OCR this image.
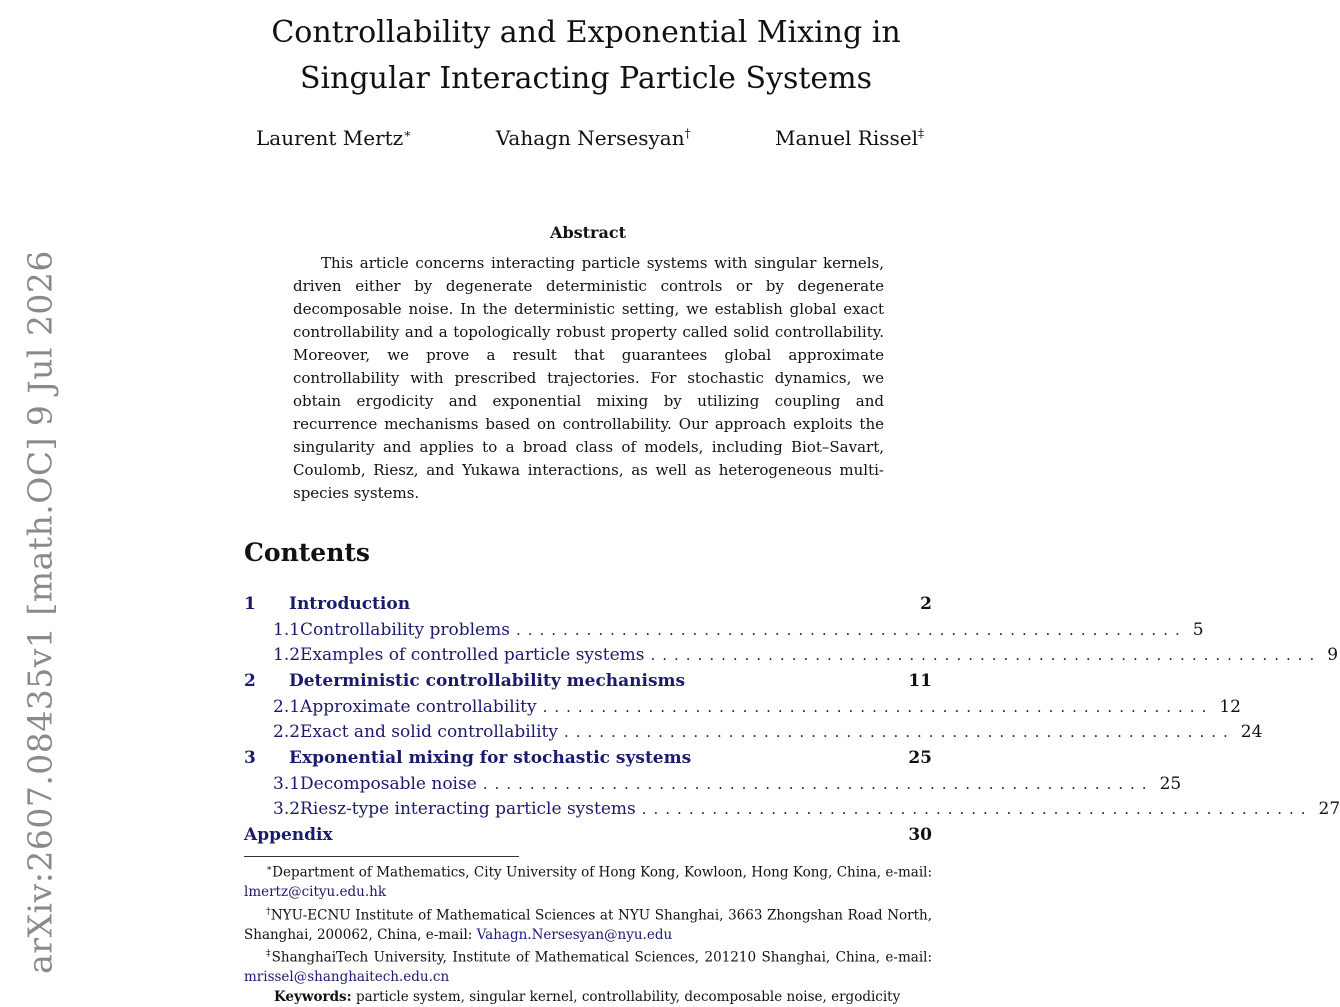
arXiv:2607.08435v1 [math.OC] 9 Jul 2026
Controllability and Exponential Mixing in
Singular Interacting Particle Systems
Laurent Mertz∗	Vahagn Nersesyan†	Manuel Rissel‡
Abstract

This article concerns interacting particle systems with singular kernels, driven either by degenerate deterministic controls or by degenerate decomposable noise. In the deterministic setting, we establish global exact controllability and a topologically robust property called solid controllability. Moreover, we prove a result that guarantees global approximate controllability with prescribed trajectories. For stochastic dynamics, we obtain ergodicity and exponential mixing by utilizing coupling and recurrence mechanisms based on controllability. Our approach exploits the singularity and applies to a broad class of models, including Biot–Savart, Coulomb, Riesz, and Yukawa interactions, as well as heterogeneous multi-species systems.

Contents
1	Introduction	2
1.1 Controllability problems ......................................................... 5
1.2 Examples of controlled particle systems ......................................................... 9
2	Deterministic controllability mechanisms	11
2.1 Approximate controllability ......................................................... 12
2.2 Exact and solid controllability ......................................................... 24
3	Exponential mixing for stochastic systems	25
3.1 Decomposable noise ......................................................... 25
3.2 Riesz-type interacting particle systems ......................................................... 27
Appendix	30

∗Department of Mathematics, City University of Hong Kong, Kowloon, Hong Kong, China, e-mail: lmertz@cityu.edu.hk

†NYU-ECNU Institute of Mathematical Sciences at NYU Shanghai, 3663 Zhongshan Road North, Shanghai, 200062, China, e-mail: Vahagn.Nersesyan@nyu.edu

‡ShanghaiTech University, Institute of Mathematical Sciences, 201210 Shanghai, China, e-mail: mrissel@shanghaitech.edu.cn

Keywords: particle system, singular kernel, controllability, decomposable noise, ergodicity
